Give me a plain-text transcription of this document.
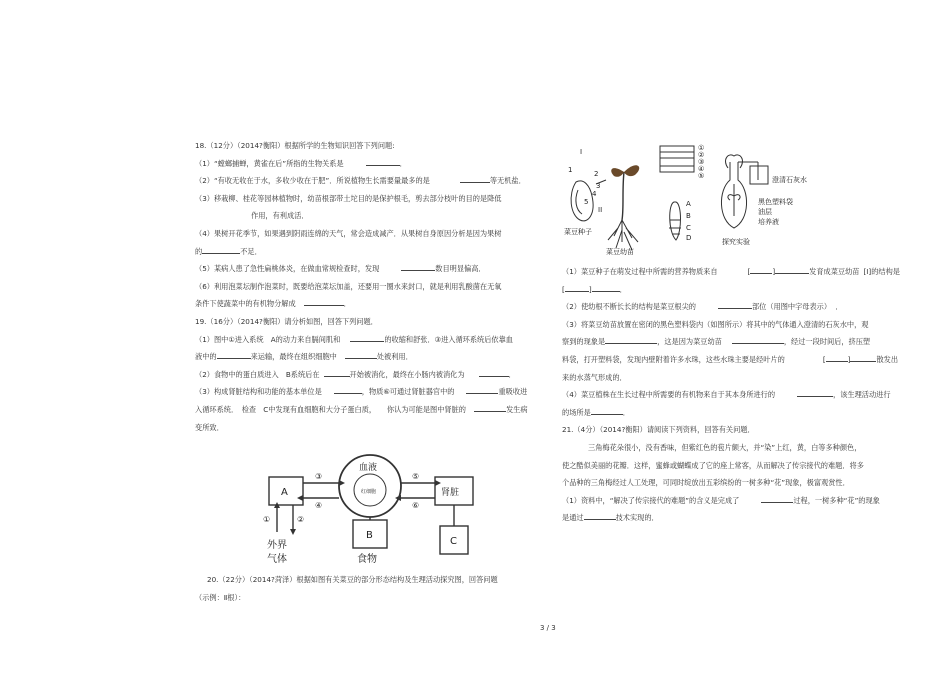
18.（12分）（2014?衡阳）根据所学的生物知识回答下列问题:

（1）“螳螂捕蝉，黄雀在后”所指的生物关系是	．

（2）“有收无收在于水，多收少收在于肥”．所说植物生长需要量最多的是	等无机盐．

（3）移栽柳、桂花等园林植物时，幼苗根部带土坨目的是保护根毛，剪去部分枝叶的目的是降低

作用，有利成活．

（4）果树开花季节，如果遇到阴雨连绵的天气，常会造成减产．从果树自身原因分析是因为果树

的	不足．

（5）某病人患了急性扁桃体炎，在做血常规检查时，发现	数目明显偏高．

（6）利用泡菜坛制作泡菜时，既要给泡菜坛加盖，还要用一圈水来封口，就是利用乳酸菌在无氧

条件下使蔬菜中的有机物分解成	．

19.（16分）（2014?衡阳）请分析如图，回答下列问题．

（1）图中①进入系统　A的动力来自膈间肌和	的收缩和舒张．③进入循环系统后依靠血

液中的	来运输，最终在组织细胞中	处被利用．

（2）食物中的蛋白质进入　B系统后在	开始被消化，最终在小肠内被消化为	．

（3）构成肾脏结构和功能的基本单位是	，物质⑥可通过肾脏器官中的	重吸收进

入循环系统．　检查　C中发现有血细胞和大分子蛋白质，　　你认为可能是图中肾脏的	发生病

变所致．

A
B
C
血液
红细胞	肾脏
外界
气体	食物
①	②
③
④
⑤
⑥

20.（22分）（2014?菏泽）根据如图有关菜豆的部分形态结构及生理活动探究图，回答问题

（示例：Ⅱ根）：

I
II
1	2
3
4
5
菜豆种子
菜豆幼苗
探究实验
①
②
③
④
⑤
A
B
C
D
澄清石灰水
黑色塑料袋
油层
培养液

（1）菜豆种子在萌发过程中所需的营养物质来自	[	]	发育成菜豆幼苗 [Ⅰ]的结构是

[	]	．

（2）使幼根不断长长的结构是菜豆根尖的	部位（用图中字母表示） ．

（3）将菜豆幼苗放置在密闭的黑色塑料袋内（如图所示）将其中的气体通入澄清的石灰水中，观

察到的现象是	，这是因为菜豆幼苗	，经过一段时间后，挤压塑

料袋，打开塑料袋，发现内壁附着许多水珠，这些水珠主要是经叶片的	[	]	散发出

来的水蒸气形成的．

（4）菜豆植株在生长过程中所需要的有机物来自于其本身所进行的	，该生理活动进行

的场所是	．

21.（4分）（2014?衡阳）请阅读下列资料，回答有关问题．

三角梅花朵很小，没有香味，但紫红色的苞片颇大，并“染”上红，黄，白等多种颜色，

使之酷似美丽的花瓣．这样，蜜蜂或蝴蝶成了它的座上常客，从而解决了传宗接代的难题．将多

个品种的三角梅经过人工处理，可同时绽放出五彩缤纷的一树多种“花”现象，极富观赏性．

（1）资料中，“解决了传宗接代的难题”的含义是完成了	过程，一树多种“花”的现象

是通过	技术实现的．

3 / 3
